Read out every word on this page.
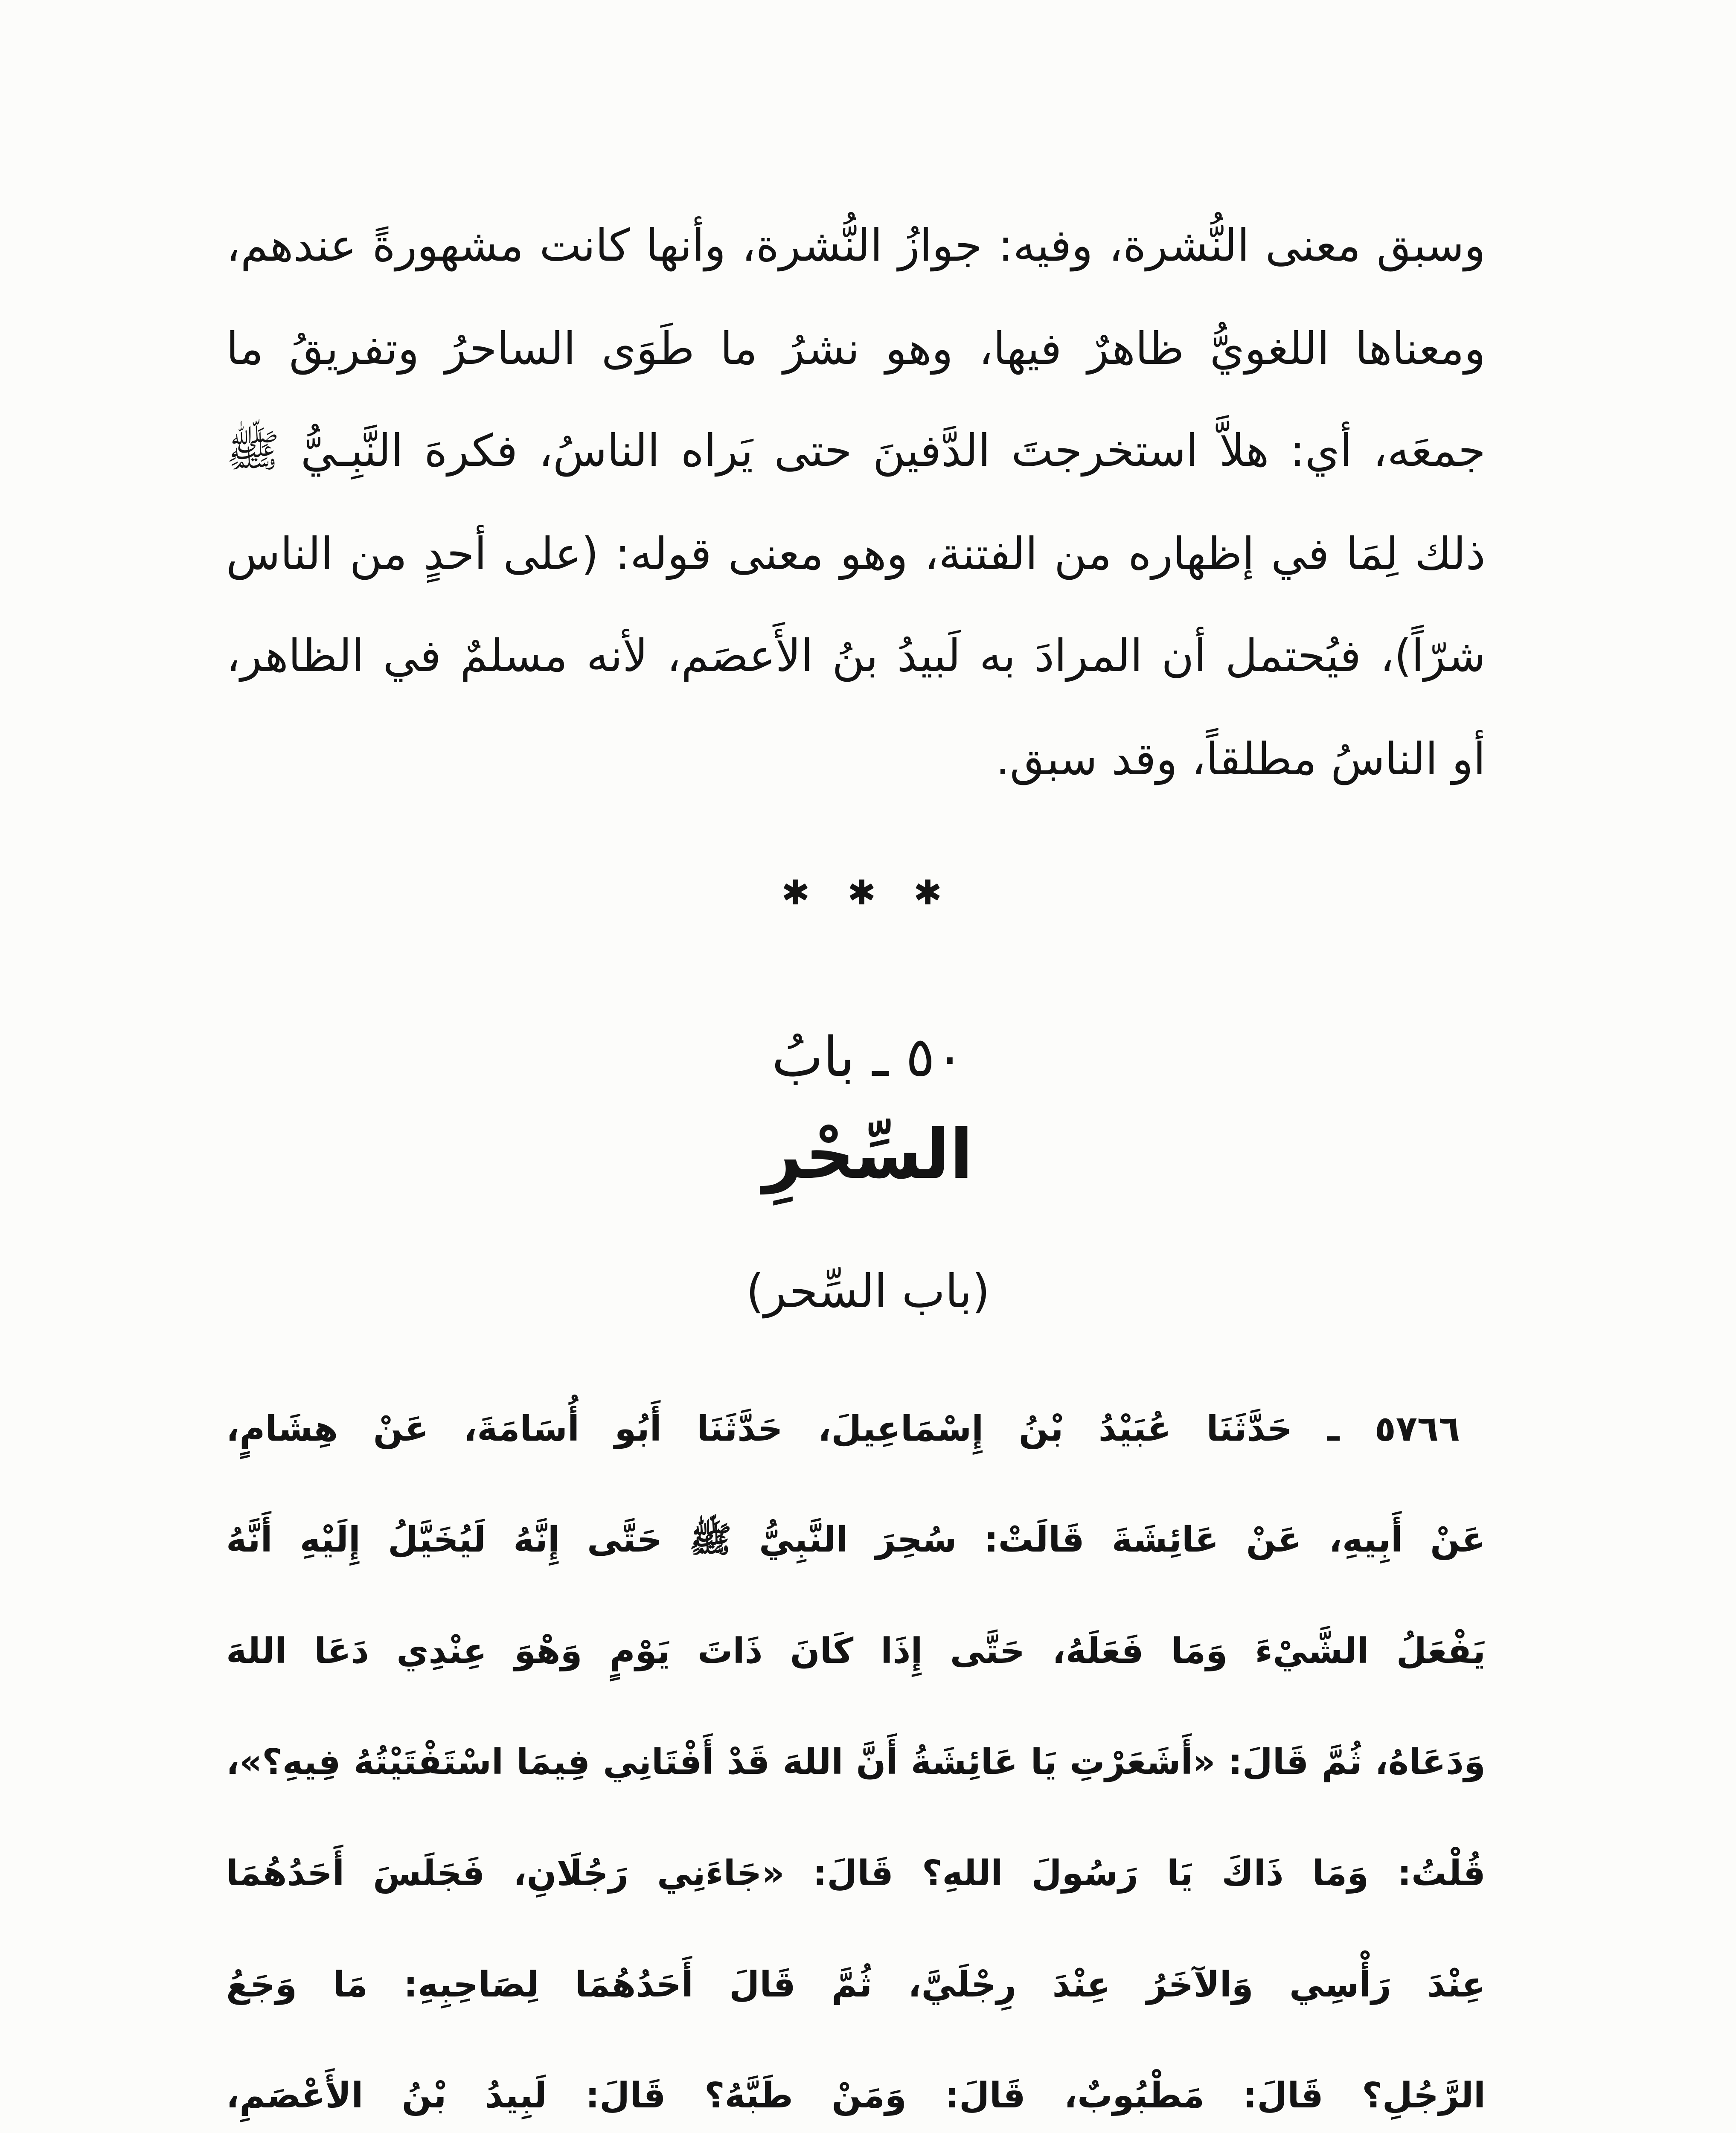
وسبق معنى النُّشرة، وفيه: جوازُ النُّشرة، وأنها كانت مشهورةً عندهم،

ومعناها اللغويُّ ظاهرٌ فيها، وهو نشرُ ما طَوَى الساحرُ وتفريقُ ما

جمعَه، أي: هلاَّ استخرجتَ الدَّفينَ حتى يَراه الناسُ، فكرهَ النَّبِـيُّ ﷺ

ذلك لِمَا في إظهاره من الفتنة، وهو معنى قوله: (على أحدٍ من الناس

شرّاً)، فيُحتمل أن المرادَ به لَبيدُ بنُ الأَعصَم، لأنه مسلمٌ في الظاهر،

أو الناسُ مطلقاً، وقد سبق.

✱ ✱ ✱
٥٠ ـ بابُ
السِّحْرِ
(باب السِّحر)

٥٧٦٦ ـ حَدَّثَنَا عُبَيْدُ بْنُ إِسْمَاعِيلَ، حَدَّثَنَا أَبُو أُسَامَةَ، عَنْ هِشَامٍ،

عَنْ أَبِيهِ، عَنْ عَائِشَةَ قَالَتْ: سُحِرَ النَّبِيُّ ﷺ حَتَّى إِنَّهُ لَيُخَيَّلُ إِلَيْهِ أَنَّهُ

يَفْعَلُ الشَّيْءَ وَمَا فَعَلَهُ، حَتَّى إِذَا كَانَ ذَاتَ يَوْمٍ وَهْوَ عِنْدِي دَعَا اللهَ

وَدَعَاهُ، ثُمَّ قَالَ: «أَشَعَرْتِ يَا عَائِشَةُ أَنَّ اللهَ قَدْ أَفْتَانِي فِيمَا اسْتَفْتَيْتُهُ فِيهِ؟»،

قُلْتُ: وَمَا ذَاكَ يَا رَسُولَ اللهِ؟ قَالَ: «جَاءَنِي رَجُلَانِ، فَجَلَسَ أَحَدُهُمَا

عِنْدَ رَأْسِي وَالآخَرُ عِنْدَ رِجْلَيَّ، ثُمَّ قَالَ أَحَدُهُمَا لِصَاحِبِهِ: مَا وَجَعُ

الرَّجُلِ؟ قَالَ: مَطْبُوبٌ، قَالَ: وَمَنْ طَبَّهُ؟ قَالَ: لَبِيدُ بْنُ الأَعْصَمِ،
